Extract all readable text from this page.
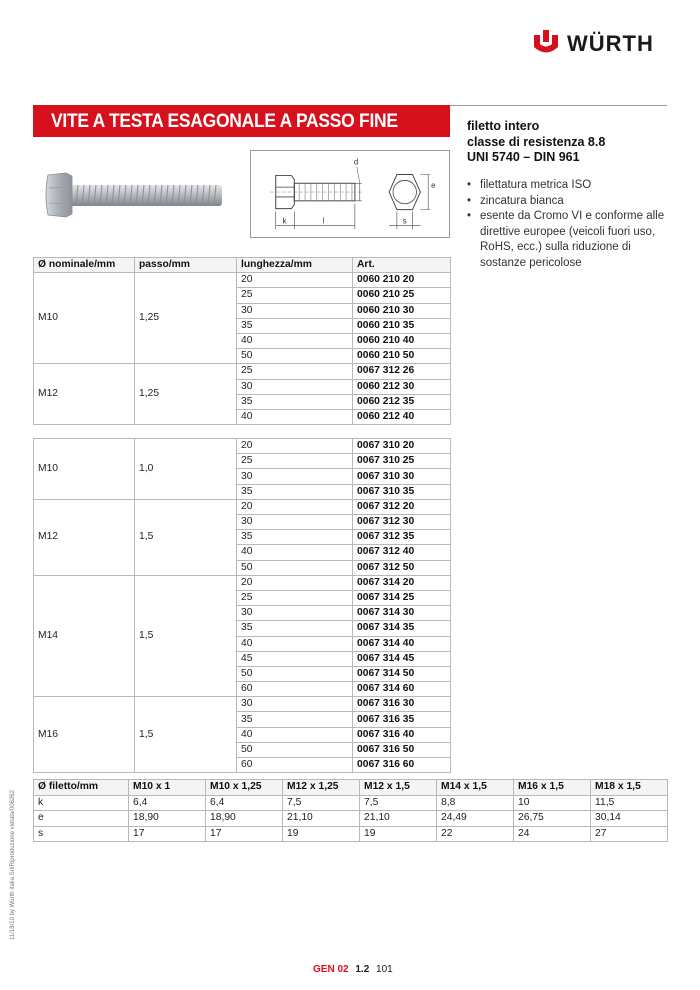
WÜRTH
VITE A TESTA ESAGONALE A PASSO FINE	filetto intero
classe di resistenza 8.8
UNI 5740 – DIN 961
• filettatura metrica ISO
• zincatura bianca
• esente da Cromo VI e conforme alle direttive europee (veicoli fuori uso, RoHS, ecc.) sulla riduzione di sostanze pericolose
k	l
d
e
s
Ø nominale/mm	passo/mm	lunghezza/mm	Art.
M10	1,25	20	0060 210 20
		25	0060 210 25
		30	0060 210 30
		35	0060 210 35
		40	0060 210 40
		50	0060 210 50
M12	1,25	25	0067 312 26
		30	0060 212 30
		35	0060 212 35
		40	0060 212 40

M10	1,0	20	0067 310 20
		25	0067 310 25
		30	0067 310 30
		35	0067 310 35
M12	1,5	20	0067 312 20
		30	0067 312 30
		35	0067 312 35
		40	0067 312 40
		50	0067 312 50
M14	1,5	20	0067 314 20
		25	0067 314 25
		30	0067 314 30
		35	0067 314 35
		40	0067 314 40
		45	0067 314 45
		50	0067 314 50
		60	0067 314 60
M16	1,5	30	0067 316 30
		35	0067 316 35
		40	0067 316 40
		50	0067 316 50
		60	0067 316 60
Ø filetto/mm	M10 x 1	M10 x 1,25	M12 x 1,25	M12 x 1,5	M14 x 1,5	M16 x 1,5	M18 x 1,5
k	6,4	6,4	7,5	7,5	8,8	10	11,5
e	18,90	18,90	21,10	21,10	24,49	26,75	30,14
s	17	17	19	19	22	24	27
11/18/10 by Würth Italia Srl/Riproduzione vietata/006262
GEN 02 1.2 101
